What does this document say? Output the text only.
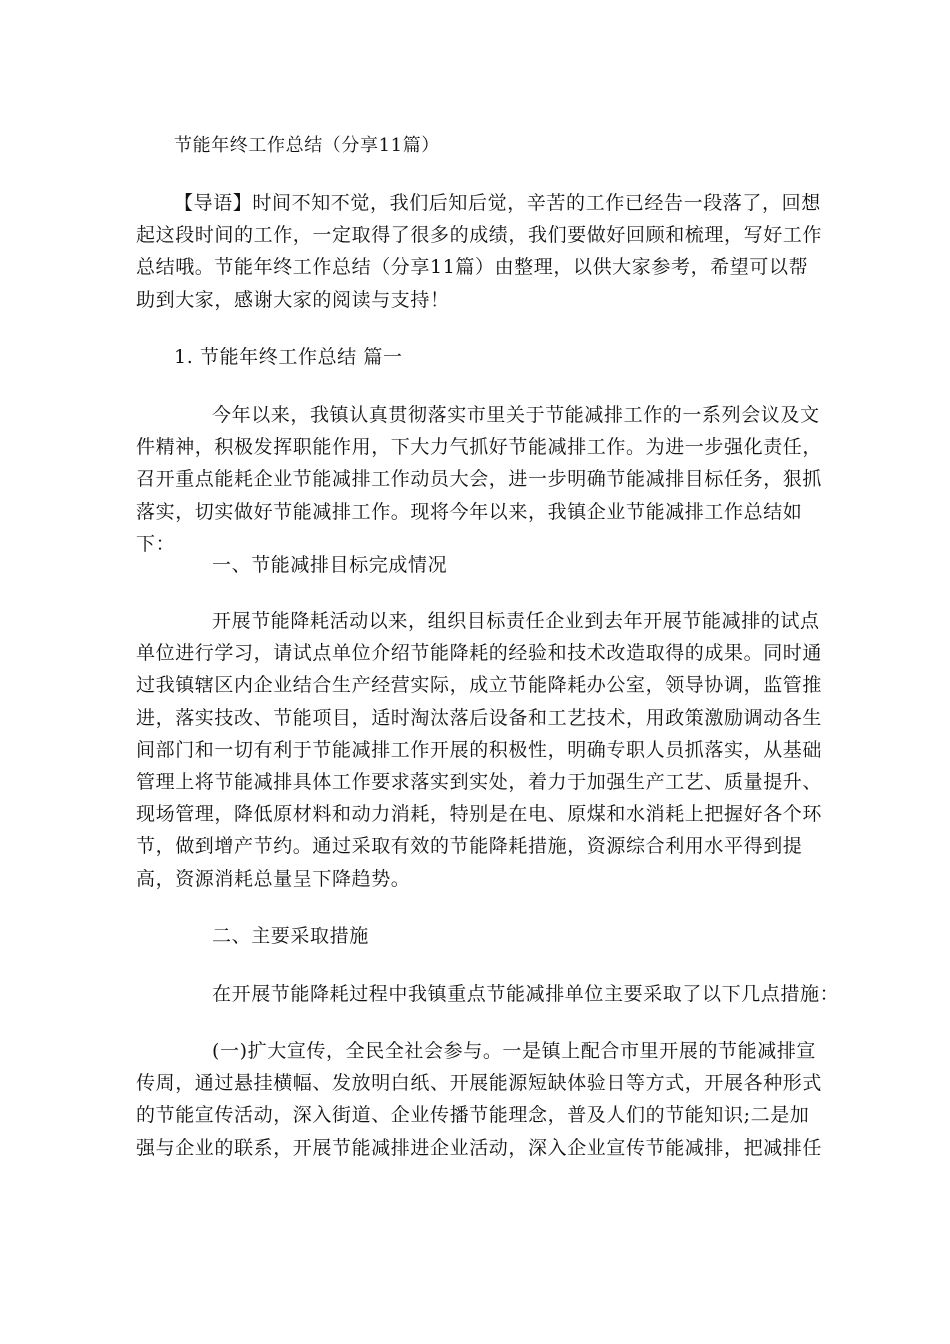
节能年终工作总结（分享11篇）

【导语】时间不知不觉，我们后知后觉，辛苦的工作已经告一段落了，回想起这段时间的工作，一定取得了很多的成绩，我们要做好回顾和梳理，写好工作总结哦。节能年终工作总结（分享11篇）由整理，以供大家参考，希望可以帮助到大家，感谢大家的阅读与支持！

1. 节能年终工作总结 篇一

今年以来，我镇认真贯彻落实市里关于节能减排工作的一系列会议及文件精神，积极发挥职能作用，下大力气抓好节能减排工作。为进一步强化责任，召开重点能耗企业节能减排工作动员大会，进一步明确节能减排目标任务，狠抓落实，切实做好节能减排工作。现将今年以来，我镇企业节能减排工作总结如下：

一、节能减排目标完成情况

开展节能降耗活动以来，组织目标责任企业到去年开展节能减排的试点单位进行学习，请试点单位介绍节能降耗的经验和技术改造取得的成果。同时通过我镇辖区内企业结合生产经营实际，成立节能降耗办公室，领导协调，监管推进，落实技改、节能项目，适时淘汰落后设备和工艺技术，用政策激励调动各生间部门和一切有利于节能减排工作开展的积极性，明确专职人员抓落实，从基础管理上将节能减排具体工作要求落实到实处，着力于加强生产工艺、质量提升、现场管理，降低原材料和动力消耗，特别是在电、原煤和水消耗上把握好各个环节，做到增产节约。通过采取有效的节能降耗措施，资源综合利用水平得到提高，资源消耗总量呈下降趋势。

二、主要采取措施

在开展节能降耗过程中我镇重点节能减排单位主要采取了以下几点措施：

(一)扩大宣传，全民全社会参与。一是镇上配合市里开展的节能减排宣传周，通过悬挂横幅、发放明白纸、开展能源短缺体验日等方式，开展各种形式的节能宣传活动，深入街道、企业传播节能理念，普及人们的节能知识;二是加强与企业的联系，开展节能减排进企业活动，深入企业宣传节能减排，把减排任
